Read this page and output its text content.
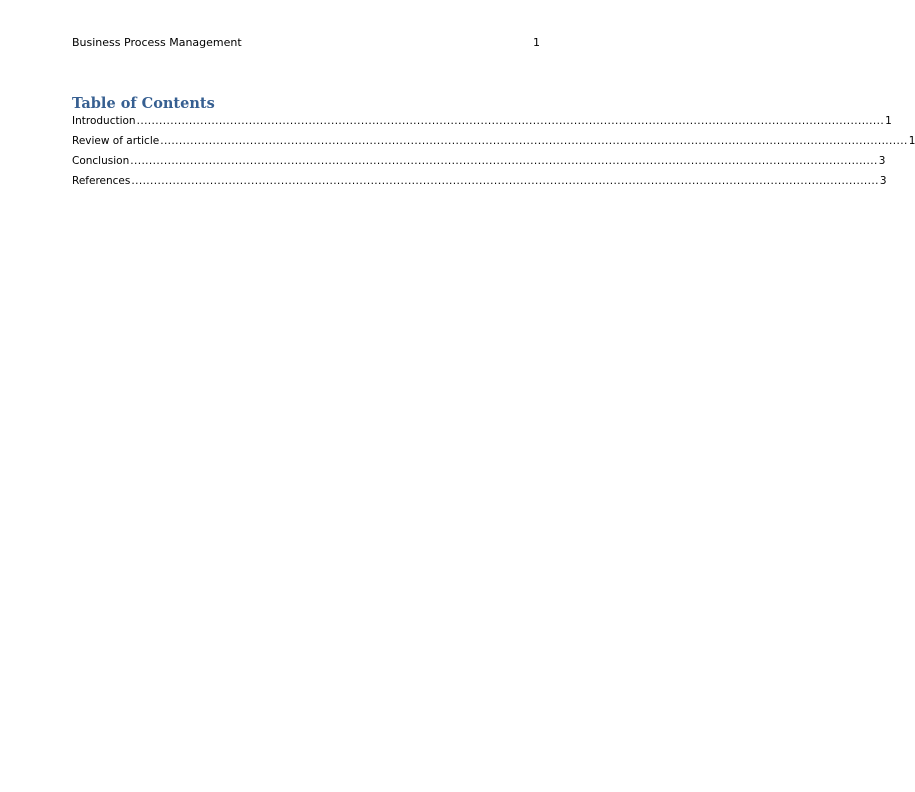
Business Process Management	1
Table of Contents
Introduction ........................................................................................................................................................................................................ 1
Review of article ........................................................................................................................................................................................................ 1
Conclusion ........................................................................................................................................................................................................ 3
References ........................................................................................................................................................................................................ 3
